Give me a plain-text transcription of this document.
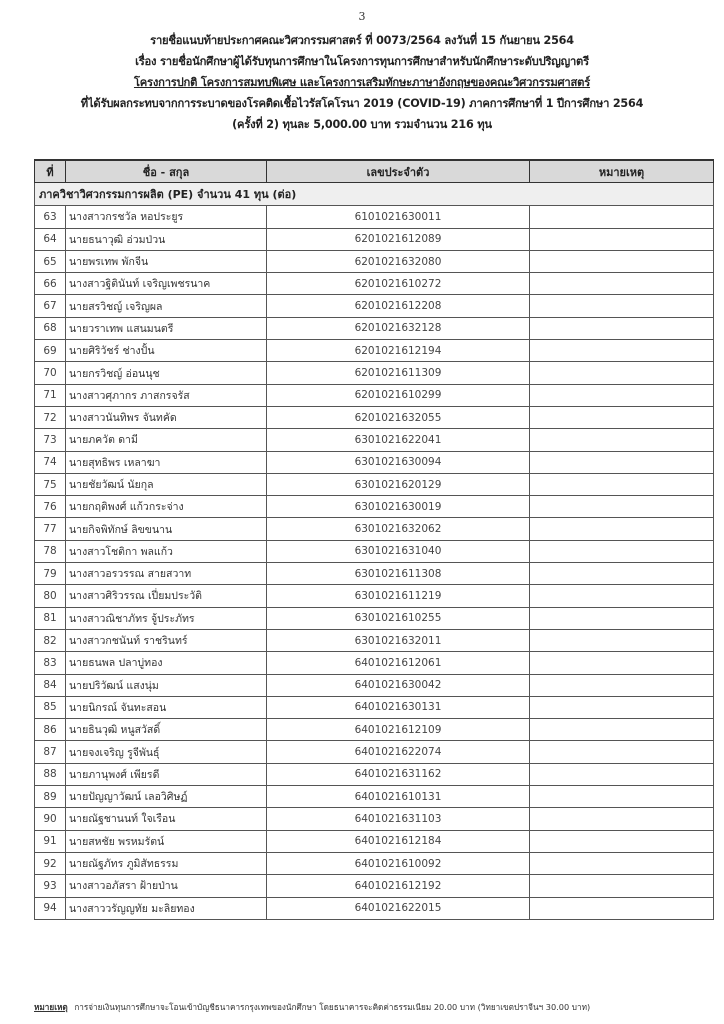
3
รายชื่อแนบท้ายประกาศคณะวิศวกรรมศาสตร์ ที่ 0073/2564 ลงวันที่ 15 กันยายน 2564
เรื่อง รายชื่อนักศึกษาผู้ได้รับทุนการศึกษาในโครงการทุนการศึกษาสำหรับนักศึกษาระดับปริญญาตรี
โครงการปกติ โครงการสมทบพิเศษ และโครงการเสริมทักษะภาษาอังกฤษของคณะวิศวกรรมศาสตร์
ที่ได้รับผลกระทบจากการระบาดของโรคติดเชื้อไวรัสโคโรนา 2019 (COVID-19) ภาคการศึกษาที่ 1 ปีการศึกษา 2564
(ครั้งที่ 2) ทุนละ 5,000.00 บาท รวมจำนวน 216 ทุน
ที่	ชื่อ - สกุล	เลขประจำตัว	หมายเหตุ
ภาควิชาวิศวกรรมการผลิต (PE) จำนวน 41 ทุน (ต่อ)			
63	นางสาวกรชวัล หอประยูร	6101021630011	
64	นายธนาวุฒิ อ่วมป่วน	6201021612089	
65	นายพรเทพ พักจีน	6201021632080	
66	นางสาวฐิตินันท์ เจริญเพชรนาค	6201021610272	
67	นายสรวิชญ์ เจริญผล	6201021612208	
68	นายวราเทพ แสนมนตรี	6201021632128	
69	นายศิริวัชร์ ช่างปั้น	6201021612194	
70	นายกรวิชญ์ อ่อนนุช	6201021611309	
71	นางสาวศุภากร ภาสกรจรัส	6201021610299	
72	นางสาวนันทิพร จันทคัด	6201021632055	
73	นายภควัต ดามี	6301021622041	
74	นายสุทธิพร เหลาฆา	6301021630094	
75	นายชัยวัฒน์ นัยกุล	6301021620129	
76	นายกฤติพงศ์ แก้วกระจ่าง	6301021630019	
77	นายกิจพิทักษ์ ลิขขนาน	6301021632062	
78	นางสาวโชติกา พลแก้ว	6301021631040	
79	นางสาวอรวรรณ สายสวาท	6301021611308	
80	นางสาวศิริวรรณ เปี่ยมประวัติ	6301021611219	
81	นางสาวณิชาภัทร จู้ประภัทร	6301021610255	
82	นางสาวกชนันท์ ราชรินทร์	6301021632011	
83	นายธนพล ปลาบู่ทอง	6401021612061	
84	นายปริวัฒน์ แสงนุ่ม	6401021630042	
85	นายนิกรณ์ จันทะสอน	6401021630131	
86	นายธินวุฒิ หนูสวัสดิ์	6401021612109	
87	นายจงเจริญ รูจีพันธุ์	6401021622074	
88	นายภานุพงศ์ เพียรดี	6401021631162	
89	นายปัญญาวัฒน์ เลอวิศิษฏ์	6401021610131	
90	นายณัฐชานนท์ ใจเรือน	6401021631103	
91	นายสหชัย พรหมรัตน์	6401021612184	
92	นายณัฐภัทร ภูมิสัทธรรม	6401021610092	
93	นางสาวอภัสรา ฝ้ายป่าน	6401021612192	
94	นางสาววรัญญทัย มะลิยทอง	6401021622015	
หมายเหตุ การจ่ายเงินทุนการศึกษาจะโอนเข้าบัญชีธนาคารกรุงเทพของนักศึกษา โดยธนาคารจะคิดค่าธรรมเนียม 20.00 บาท (วิทยาเขตปราจีนฯ 30.00 บาท)
